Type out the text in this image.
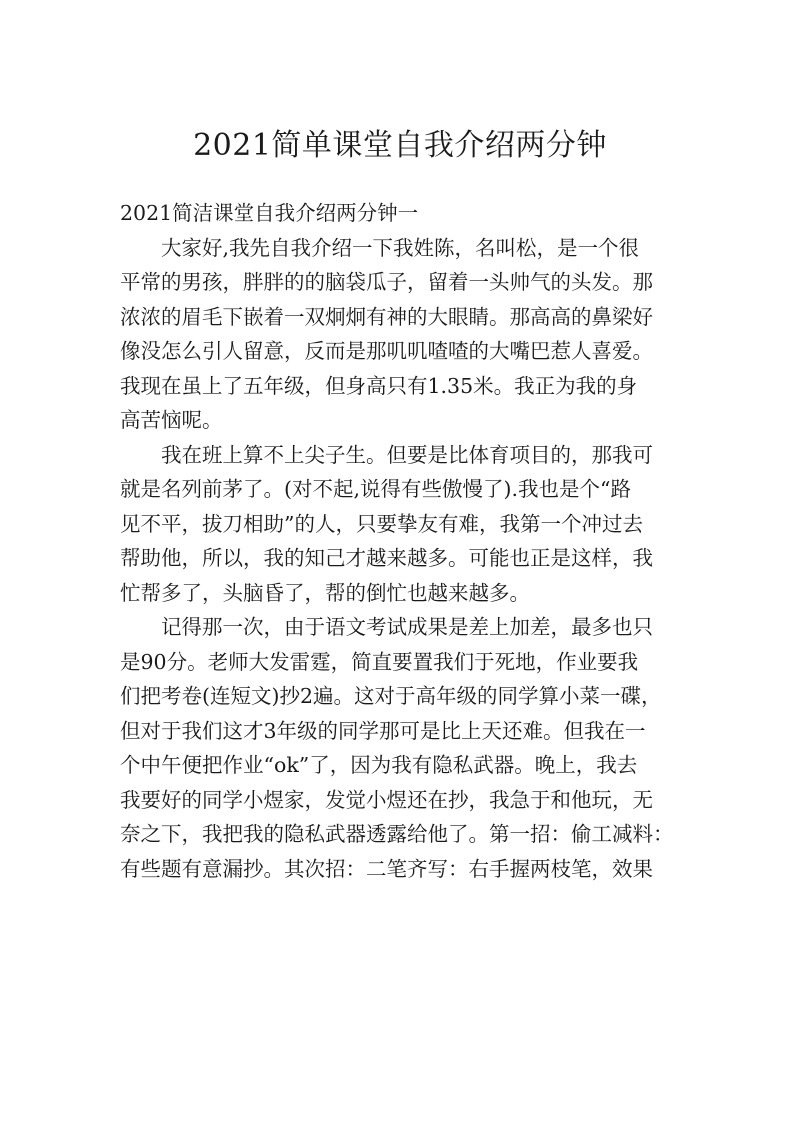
2021简单课堂自我介绍两分钟

2021简洁课堂自我介绍两分钟一

大家好,我先自我介绍一下我姓陈，名叫松，是一个很

平常的男孩，胖胖的的脑袋瓜子，留着一头帅气的头发。那

浓浓的眉毛下嵌着一双炯炯有神的大眼睛。那高高的鼻梁好

像没怎么引人留意，反而是那叽叽喳喳的大嘴巴惹人喜爱。

我现在虽上了五年级，但身高只有1.35米。我正为我的身

高苦恼呢。

我在班上算不上尖子生。但要是比体育项目的，那我可

就是名列前茅了。(对不起,说得有些傲慢了).我也是个“路

见不平，拔刀相助”的人，只要挚友有难，我第一个冲过去

帮助他，所以，我的知己才越来越多。可能也正是这样，我

忙帮多了，头脑昏了，帮的倒忙也越来越多。

记得那一次，由于语文考试成果是差上加差，最多也只

是90分。老师大发雷霆，简直要置我们于死地，作业要我

们把考卷(连短文)抄2遍。这对于高年级的同学算小菜一碟，

但对于我们这才3年级的同学那可是比上天还难。但我在一

个中午便把作业“ok”了，因为我有隐私武器。晚上，我去

我要好的同学小煜家，发觉小煜还在抄，我急于和他玩，无

奈之下，我把我的隐私武器透露给他了。第一招：偷工减料：

有些题有意漏抄。其次招：二笔齐写：右手握两枝笔，效果
